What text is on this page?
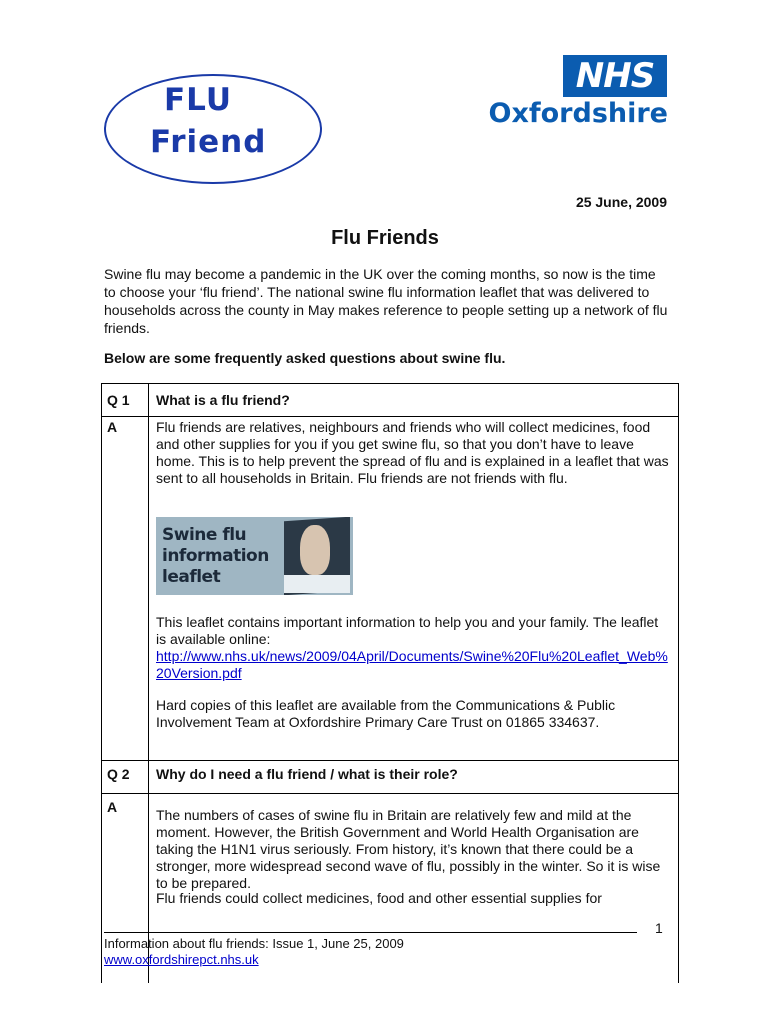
FLU
Friend
NHS
Oxfordshire
25 June, 2009
Flu Friends
Swine flu may become a pandemic in the UK over the coming months, so now is the time to choose your ‘flu friend’. The national swine flu information leaflet that was delivered to households across the county in May makes reference to people setting up a network of flu friends.
Below are some frequently asked questions about swine flu.
Q 1 What is a flu friend?
A	Flu friends are relatives, neighbours and friends who will collect medicines, food and other supplies for you if you get swine flu, so that you don’t have to leave home. This is to help prevent the spread of flu and is explained in a leaflet that was sent to all households in Britain. Flu friends are not friends with flu.
Swine flu
information
leaflet
This leaflet contains important information to help you and your family. The leaflet is available online:
http://www.nhs.uk/news/2009/04April/Documents/Swine%20Flu%20Leaflet_Web%20Version.pdf
Hard copies of this leaflet are available from the Communications & Public Involvement Team at Oxfordshire Primary Care Trust on 01865 334637.
Q 2 Why do I need a flu friend / what is their role?
A	The numbers of cases of swine flu in Britain are relatively few and mild at the moment. However, the British Government and World Health Organisation are taking the H1N1 virus seriously. From history, it’s known that there could be a stronger, more widespread second wave of flu, possibly in the winter. So it is wise to be prepared.
Flu friends could collect medicines, food and other essential supplies for
1
Information about flu friends: Issue 1, June 25, 2009
www.oxfordshirepct.nhs.uk
